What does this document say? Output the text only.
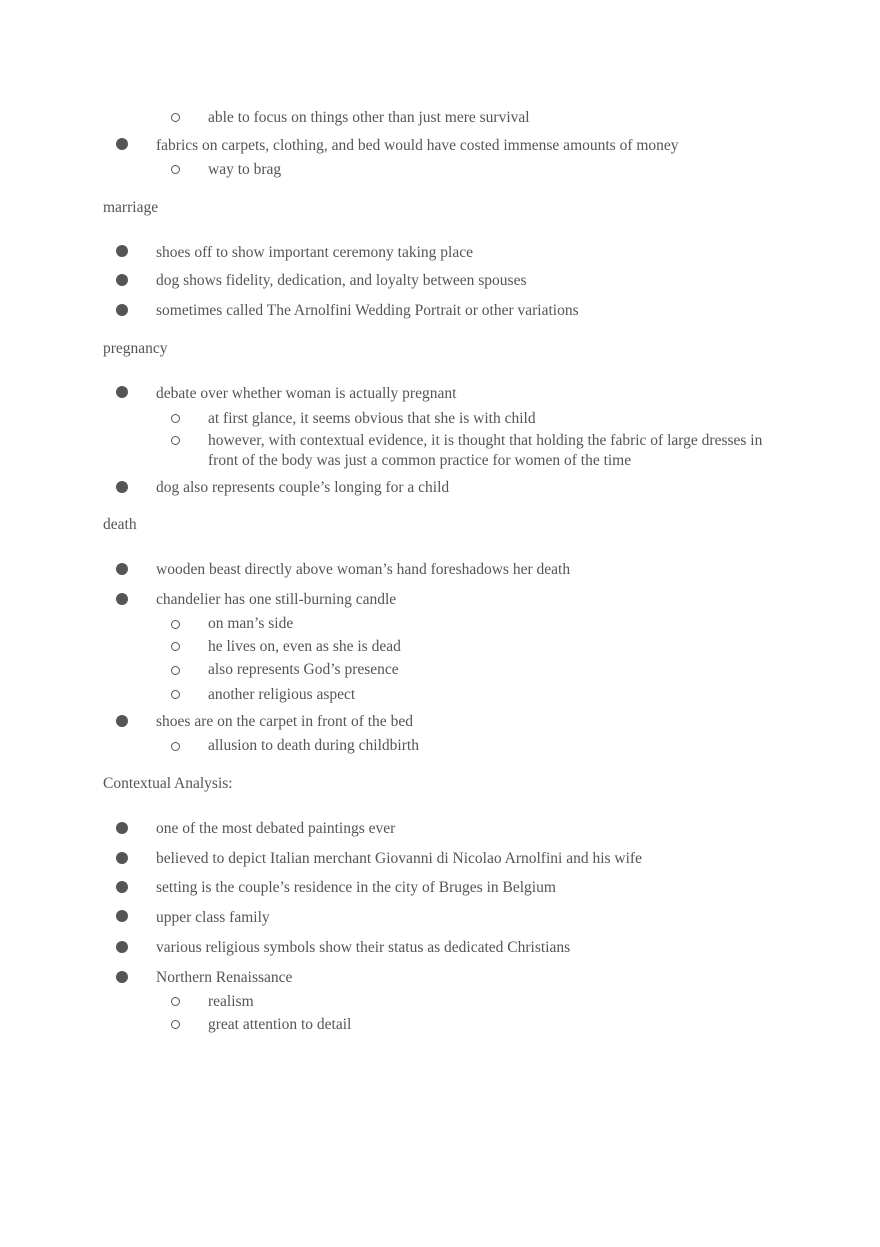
able to focus on things other than just mere survival
fabrics on carpets, clothing, and bed would have costed immense amounts of money
way to brag
marriage
shoes off to show important ceremony taking place
dog shows fidelity, dedication, and loyalty between spouses
sometimes called The Arnolfini Wedding Portrait or other variations
pregnancy
debate over whether woman is actually pregnant
at first glance, it seems obvious that she is with child
however, with contextual evidence, it is thought that holding the fabric of large dresses in
front of the body was just a common practice for women of the time
dog also represents couple’s longing for a child
death
wooden beast directly above woman’s hand foreshadows her death
chandelier has one still-burning candle
on man’s side
he lives on, even as she is dead
also represents God’s presence
another religious aspect
shoes are on the carpet in front of the bed
allusion to death during childbirth
Contextual Analysis:
one of the most debated paintings ever
believed to depict Italian merchant Giovanni di Nicolao Arnolfini and his wife
setting is the couple’s residence in the city of Bruges in Belgium
upper class family
various religious symbols show their status as dedicated Christians
Northern Renaissance
realism
great attention to detail
